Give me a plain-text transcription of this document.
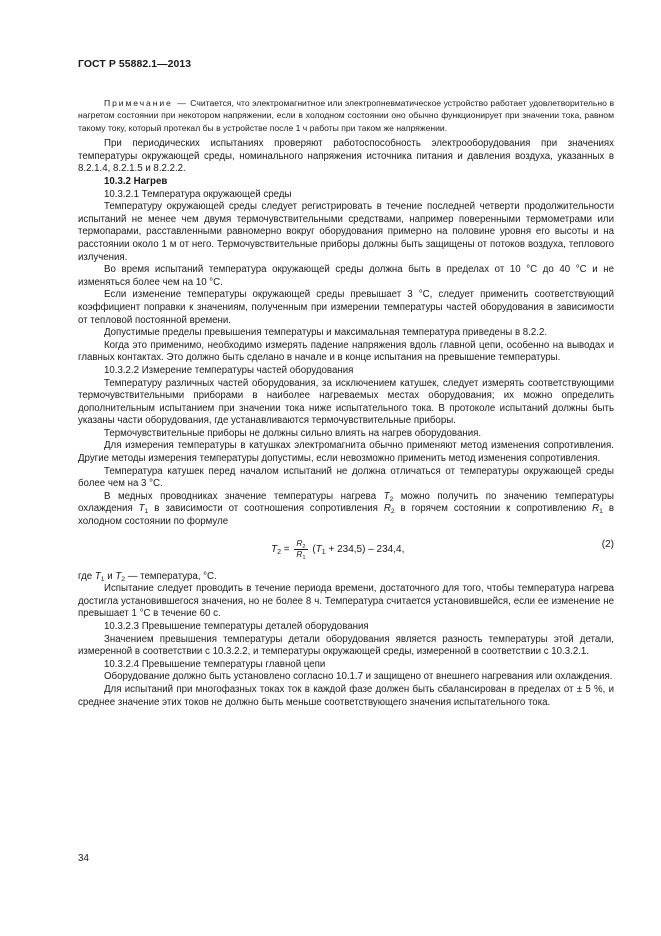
ГОСТ Р 55882.1—2013

Примечание — Считается, что электромагнитное или электропневматическое устройство работает удовлетворительно в нагретом состоянии при некотором напряжении, если в холодном состоянии оно обычно функционирует при значении тока, равном такому току, который протекал бы в устройстве после 1 ч работы при таком же напряжении.

При периодических испытаниях проверяют работоспособность электрооборудования при значениях температуры окружающей среды, номинального напряжения источника питания и давления воздуха, указанных в 8.2.1.4, 8.2.1.5 и 8.2.2.2.

10.3.2 Нагрев

10.3.2.1 Температура окружающей среды

Температуру окружающей среды следует регистрировать в течение последней четверти продолжительности испытаний не менее чем двумя термочувствительными средствами, например поверенными термометрами или термопарами, расставленными равномерно вокруг оборудования примерно на половине уровня его высоты и на расстоянии около 1 м от него. Термочувствительные приборы должны быть защищены от потоков воздуха, теплового излучения.

Во время испытаний температура окружающей среды должна быть в пределах от 10 °С до 40 °С и не изменяться более чем на 10 °С.

Если изменение температуры окружающей среды превышает 3 °С, следует применить соответствующий коэффициент поправки к значениям, полученным при измерении температуры частей оборудования в зависимости от тепловой постоянной времени.

Допустимые пределы превышения температуры и максимальная температура приведены в 8.2.2.

Когда это применимо, необходимо измерять падение напряжения вдоль главной цепи, особенно на выводах и главных контактах. Это должно быть сделано в начале и в конце испытания на превышение температуры.

10.3.2.2 Измерение температуры частей оборудования

Температуру различных частей оборудования, за исключением катушек, следует измерять соответствующими термочувствительными приборами в наиболее нагреваемых местах оборудования; их можно определить дополнительным испытанием при значении тока ниже испытательного тока. В протоколе испытаний должны быть указаны части оборудования, где устанавливаются термочувствительные приборы.

Термочувствительные приборы не должны сильно влиять на нагрев оборудования.

Для измерения температуры в катушках электромагнита обычно применяют метод изменения сопротивления. Другие методы измерения температуры допустимы, если невозможно применить метод изменения сопротивления.

Температура катушек перед началом испытаний не должна отличаться от температуры окружающей среды более чем на 3 °С.

В медных проводниках значение температуры нагрева $T_2$ можно получить по значению температуры охлаждения $T_1$ в зависимости от соотношения сопротивления $R_2$ в горячем состоянии к сопротивлению $R_1$ в холодном состоянии по формуле

$T_2 = \frac{R_2}{R_1} (T_1 + 234,5) - 234,4$,	(2)

где $T_1$ и $T_2$ — температура, °С.

Испытание следует проводить в течение периода времени, достаточного для того, чтобы температура нагрева достигла установившегося значения, но не более 8 ч. Температура считается установившейся, если ее изменение не превышает 1 °С в течение 60 с.

10.3.2.3 Превышение температуры деталей оборудования

Значением превышения температуры детали оборудования является разность температуры этой детали, измеренной в соответствии с 10.3.2.2, и температуры окружающей среды, измеренной в соответствии с 10.3.2.1.

10.3.2.4 Превышение температуры главной цепи

Оборудование должно быть установлено согласно 10.1.7 и защищено от внешнего нагревания или охлаждения.

Для испытаний при многофазных токах ток в каждой фазе должен быть сбалансирован в пределах от ± 5 %, и среднее значение этих токов не должно быть меньше соответствующего значения испытательного тока.

34
